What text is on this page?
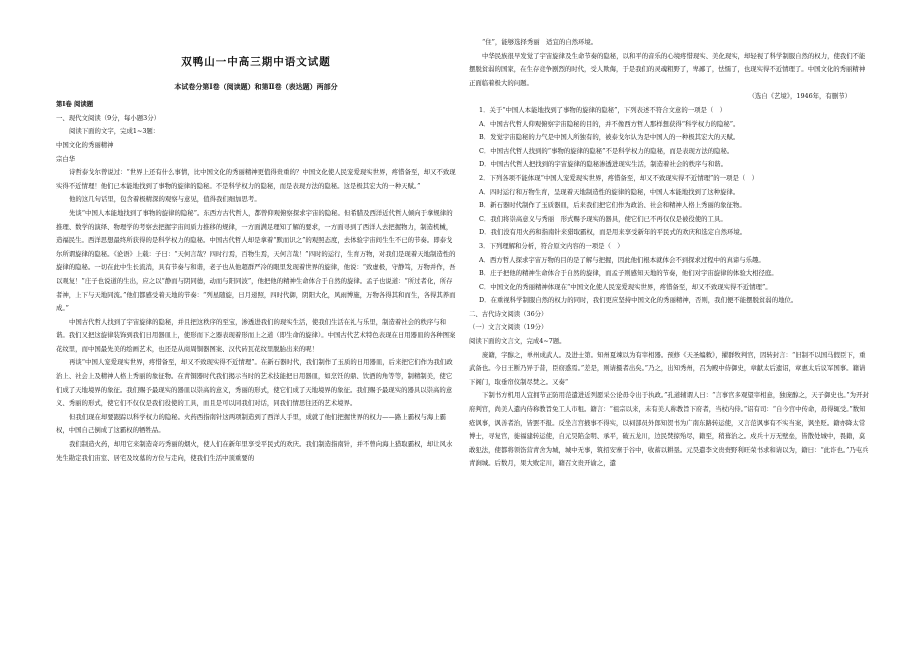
双鸭山一中高三期中语文试题
本试卷分第Ⅰ卷（阅读题）和第Ⅱ卷（表达题）两部分

第Ⅰ卷 阅读题

一、现代文阅读（9分，每小题3分）

阅读下面的文字，完成1~3题：

中国文化的秀丽精神

宗白华

诗哲泰戈尔曾说过：“世界上还有什么事情，比中国文化的秀丽精神更值得贵重的？中国文化使人民宠爱现实世界，疼惜备至，却又不致现实得不近情理！他们已本能地找到了事物的旋律的隐秘。不是科学权力的隐秘，而是表现方法的隐秘。这是极其宏大的一种天赋。”

他的这几句话里，包含着极精深的观察与意见，值得我们细加思考。

先谈“中国人本能地找到了事物的旋律的隐秘”。东西方古代哲人，都曾仰观俯察探求宇宙的隐秘。但希腊及西洋近代哲人倾向于拿规律的推理、数学的演绎、物理学的考察去把握宇宙间质力推移的规律，一方面满足理知了解的要求，一方面寻到了西洋人去把握物力，制造机械，造福民生。西洋思想最终所获得的是科学权力的隐秘。中国古代哲人却是拿着“默而识之”的观照态度，去体验宇宙间生生不已的节奏。即泰戈尔所谓旋律的隐秘。《论语》上载：子曰：“天何言哉？四时行焉，百物生焉，天何言哉！”四时的运行，生育万物，对我们是现着天地制造性的旋律的隐秘。一切在此中生长流消，具有节奏与和谐，老子也从他超群严冷的眼里发现着世界的旋律，他说：“致虚极，守静笃，万物并作，吾以观复！”庄子也说道的生出，应之以“静而与阴同德，动而与阳同波”，他把他的精神生命体合于自然的旋律。孟子也说道：“所过者化，所存者神，上下与天地同流。”他们都感受着天地的节奏：“列星随旋，日月递照，四时代御，阴阳大化，风雨博施，万物各得其和而生，各得其养而成。”

中国古代哲人找到了宇宙旋律的隐秘，并且把这秩序的至宝，渗透进我们的现实生活，使我们生活在礼与乐里，制造着社会的秩序与和谐。我们又把这旋律装饰到我们日用器皿上，使形而下之器表现着形而上之道（即生命的旋律）。中国古代艺术特色表现在日用器皿的各种图案花纹里，而中国最先美的绘画艺术，也还是从商周铜器图案、汉代砖瓦花纹里脱胎出来的呢！

再谈“中国人宠爱现实世界，疼惜备至，却又不致现实得不近情理”。在新石器时代，我们制作了玉质的日用器皿，后来把它们作为我们政治上、社会上及精神人格上秀丽的象征物。在青铜器时代我们揭示当时的艺术技能把日用器皿，如烹饪的鼎、饮酒的角等等，制精制美，使它们成了天地境界的象征。我们赐予最现实的器皿以崇高的意义，秀丽的形式，使它们成了天地境界的象征。我们赐予最现实的器具以崇高的意义、秀丽的形式，使它们不仅仅是我们役使的工具，而且是可以同我们对话，同我们情思往还的艺术境界。

但我们现在却要跟踪以科学权力的隐秘。火药西指南针这两项制造到了西洋人手里，成就了他们把握世界的权力——路上霸权与海上霸权，中国自己倒成了这霸权的牺牲品。

我们制造火药，却用它来制造奇巧秀丽的烟火，使人们在新年里享受平民式的欢庆。我们制造指南针，并不曾向海上猎取霸权，却让风水先生勘定我们宙室、居宅及坟墓的方位与走向，使我们生活中顶重要的

“住”，能够选择秀丽　适宜的自然环境。

中华民族很早发觉了宇宙旋律及生命节奏的隐秘，以和平的音乐的心境疼惜现实、美化现实，却轻视了科学制服自然的权力，使我们不能摆脱贫弱的国家，在生存竞争剧烈的时代，受人欺侮，于是我们的灵魂粗野了，卑鄙了，怯懦了，也现实得不近情理了。中国文化的秀丽精神正面临着极大的问题。

（选自《艺境》，1946年，有删节）

1．关于“中国人本能地找到了事物的旋律的隐秘”，下列表述不符合文意的一项是（　）

A．中国古代哲人仰观俯察宇宙隐秘的目的，并不像西方哲人那样想获得“科学权力的隐秘”。

B．发觉宇宙隐秘的力气是中国人所独有的，被泰戈尔认为是中国人的一种极其宏大的天赋。

C．中国古代哲人找到的“事物的旋律的隐秘”不是科学权力的隐秘，而是表现方法的隐秘。

D．中国古代哲人把找到的宇宙旋律的隐秘渗透进现实生活，制造着社会的秩序与和谐。

2．下列各项不能体现“中国人宠爱现实世界，疼惜备至，却又不致现实得不近情理”的一项是（　）

A．四时运行和万物生育，呈现着天地制造性的旋律的隐秘，中国人本能地找到了这种旋律。

B．新石器时代制作了玉质器皿，后来我们把它们作为政治、社会和精神人格上秀丽的象征物。

C．我们将崇高意义与秀丽　形式赐予现实的器具，使它们已不再仅仅是被役使的工具。

D．我们没有用火药和指南针来猎取霸权，而是用来享受新年的平民式的欢庆和选定自然环境。

3．下列理解和分析，符合原文内容的一项是（　）

A．西方哲人探求宇宙万物的目的是了解与把握，因此他们根本就体会不到探求过程中的真谛与乐趣。

B．庄子把他的精神生命体合于自然的旋律，而孟子则感知天地的节奏，他们对宇宙旋律的体验大相径庭。

C．中国文化的秀丽精神体现在“中国文化使人民宠爱现实世界，疼惜备至，却又不致现实得不近情理”。

D．在重视科学制服自然的权力的同时，我们更应坚持中国文化的秀丽精神，否则，我们便不能摆脱贫弱的地位。

二、古代诗文阅读（36分）

（一）文言文阅读（19分）

阅读下面的文言文，完成4~7题。

庞籍，字醇之，单州成武人。及进士第。知州夏竦以为有宰相器。预修《天圣编敕》，擢群牧判官，因转封言：“旧制不以国马假臣下，重武备也。今日王断乃异于昔，臣窃惑焉。”差是，则请摄者出矣。”乃之，出知秀州，召为殿中侍御史，章献太后遗诏，章惠太后议军国事。籍请下阁门，取垂帘仪制尽焚之。又奏“

下制书方机用人宜拥节正防用范遣进近列愿采公论毋令出于执政。”孔道辅谓人曰：“言事官多观望宰相意，独庞醇之，天子御史也。”为开封府判官，尚美人遣内侍称教旨免工人市租。籍言：“祖宗以来，未有美人称教旨下府者，当杖内侍。”诏有司：“自今宫中传命，毋得辄受。”数知疮讽事，讽善者治，皆罢不报。反坐言宫掖事不得实，以祠部员外郎知贺书为广南东路转运使，又言范讽事有不实当案，讽坐贬。籍亦降太常博士，寻复官，徙福建转运使，自元昊陷金明、承平，破五龙川，边民焚掠殆尽，籍至，稍葺治之。戍兵十万无壁垒，皆散处城中，畏籍，莫敢犯法，使都将领饬营青舍为城，城中无事，筑招安寨于谷中，收蓄以耕垦。元昊遣李文贵赍野利旺荣书求和请以为，籍曰：“此诈也。”乃屯兵青涧城。后数月，果大败定川，籍召文贵开谕之，遣
